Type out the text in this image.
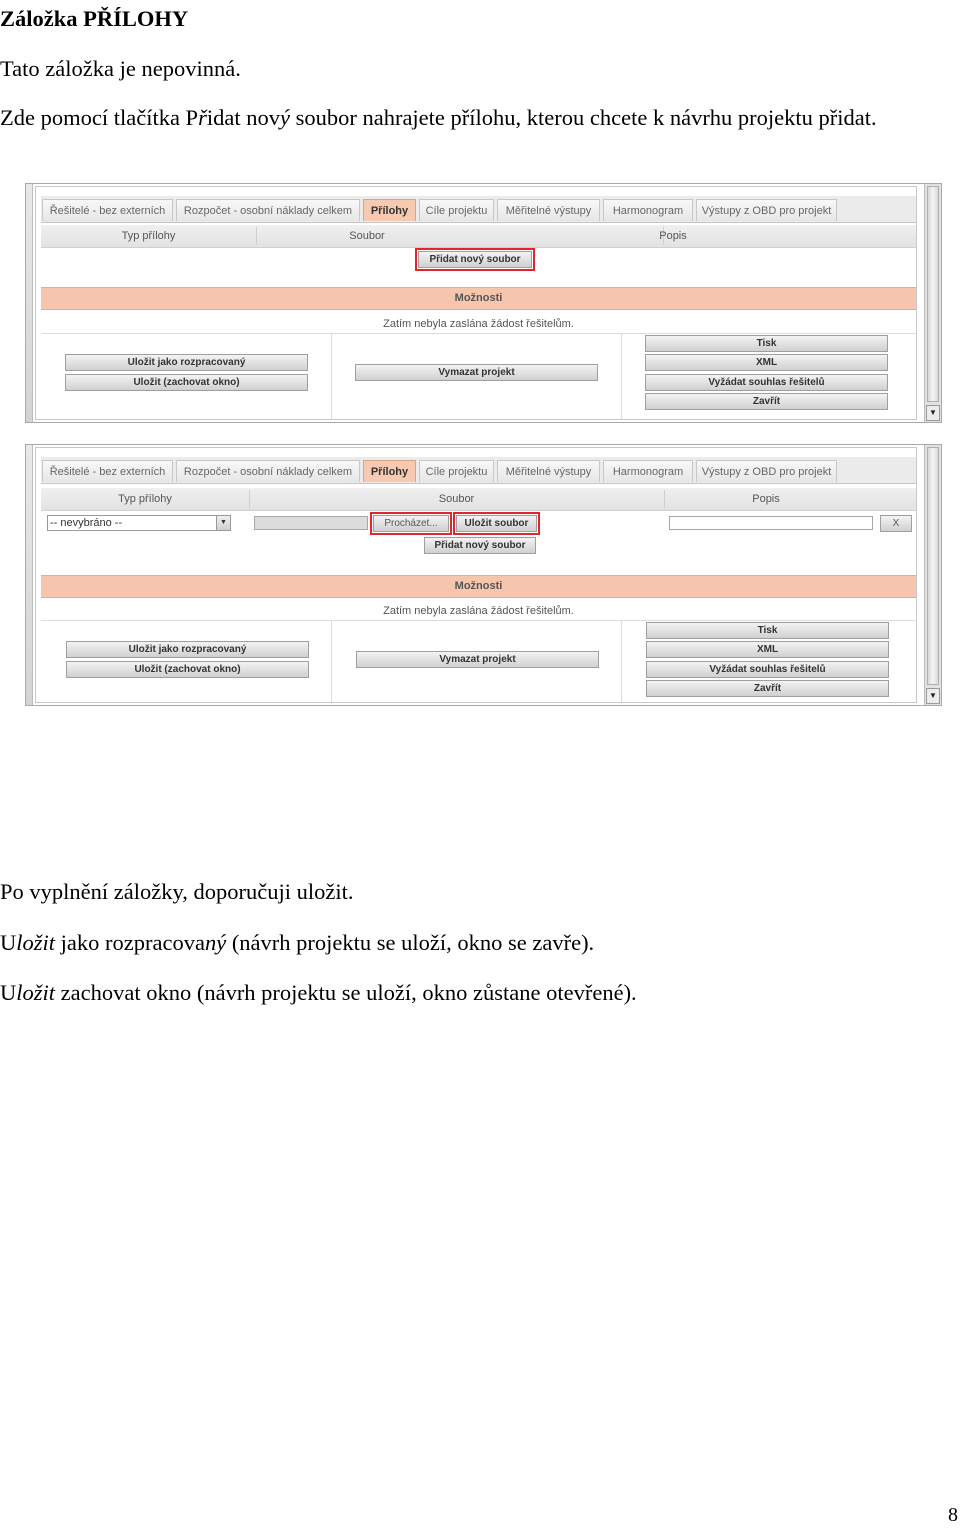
Záložka PŘÍLOHY

Tato záložka je nepovinná.

Zde pomocí tlačítka Přidat nový soubor nahrajete přílohu, kterou chcete k návrhu projektu přidat.

Řešitelé - bez externích	Rozpočet - osobní náklady celkem	Přílohy	Cíle projektu	Měřitelné výstupy	Harmonogram	Výstupy z OBD pro projekt
Typ přílohy	Soubor	Popis
Přidat nový soubor
Možnosti
Zatím nebyla zaslána žádost řešitelům.
Uložit jako rozpracovaný
Uložit (zachovat okno)
Vymazat projekt
Tisk
XML
Vyžádat souhlas řešitelů
Zavřít
▼
Řešitelé - bez externích	Rozpočet - osobní náklady celkem	Přílohy	Cíle projektu	Měřitelné výstupy	Harmonogram	Výstupy z OBD pro projekt
Typ přílohy	Soubor	Popis
-- nevybráno --	▼	Procházet...	Uložit soubor	X
Přidat nový soubor
Možnosti
Zatím nebyla zaslána žádost řešitelům.
Uložit jako rozpracovaný
Uložit (zachovat okno)
Vymazat projekt
Tisk
XML
Vyžádat souhlas řešitelů
Zavřít
▼

Po vyplnění záložky, doporučuji uložit.

Uložit jako rozpracovaný (návrh projektu se uloží, okno se zavře).

Uložit zachovat okno (návrh projektu se uloží, okno zůstane otevřené).

8
